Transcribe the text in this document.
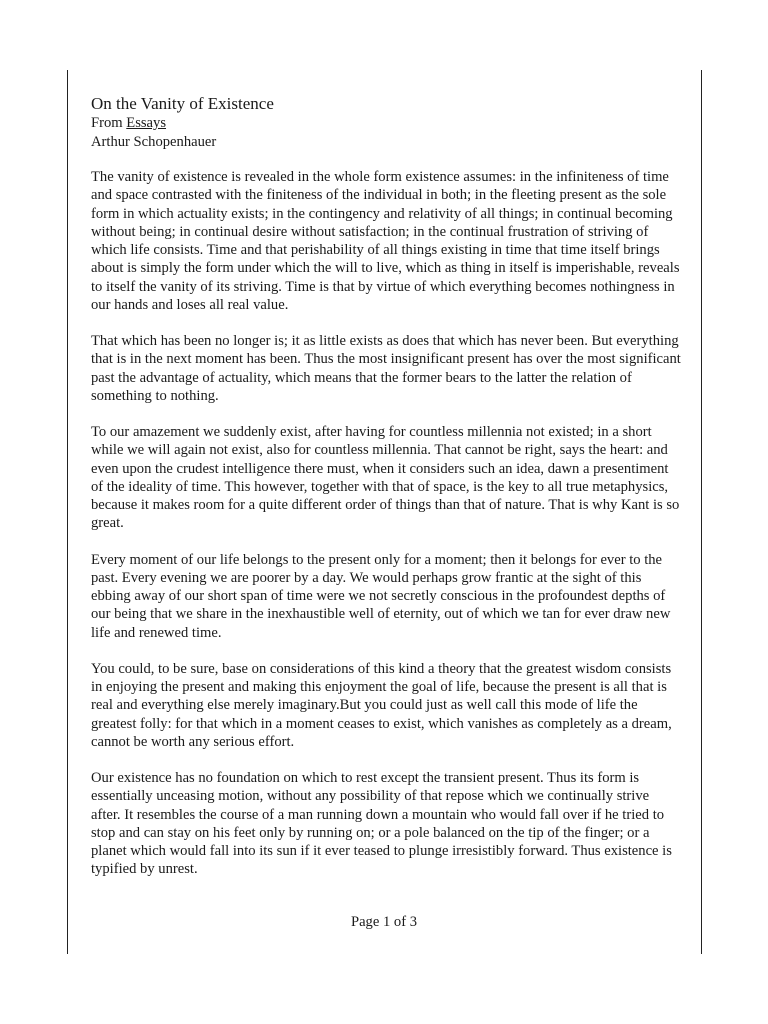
On the Vanity of Existence

From Essays

Arthur Schopenhauer

The vanity of existence is revealed in the whole form existence assumes: in the infiniteness of time and space contrasted with the finiteness of the individual in both; in the fleeting present as the sole form in which actuality exists; in the contingency and relativity of all things; in continual becoming without being; in continual desire without satisfaction; in the continual frustration of striving of which life consists. Time and that perishability of all things existing in time that time itself brings about is simply the form under which the will to live, which as thing in itself is imperishable, reveals to itself the vanity of its striving. Time is that by virtue of which everything becomes nothingness in our hands and loses all real value.

That which has been no longer is; it as little exists as does that which has never been. But everything that is in the next moment has been. Thus the most insignificant present has over the most significant past the advantage of actuality, which means that the former bears to the latter the relation of something to nothing.

To our amazement we suddenly exist, after having for countless millennia not existed; in a short while we will again not exist, also for countless millennia. That cannot be right, says the heart: and even upon the crudest intelligence there must, when it considers such an idea, dawn a presentiment of the ideality of time. This however, together with that of space, is the key to all true metaphysics, because it makes room for a quite different order of things than that of nature. That is why Kant is so great.

Every moment of our life belongs to the present only for a moment; then it belongs for ever to the past. Every evening we are poorer by a day. We would perhaps grow frantic at the sight of this ebbing away of our short span of time were we not secretly conscious in the profoundest depths of our being that we share in the inexhaustible well of eternity, out of which we tan for ever draw new life and renewed time.

You could, to be sure, base on considerations of this kind a theory that the greatest wisdom consists in enjoying the present and making this enjoyment the goal of life, because the present is all that is real and everything else merely imaginary.But you could just as well call this mode of life the greatest folly: for that which in a moment ceases to exist, which vanishes as completely as a dream, cannot be worth any serious effort.

Our existence has no foundation on which to rest except the transient present. Thus its form is essentially unceasing motion, without any possibility of that repose which we continually strive after. It resembles the course of a man running down a mountain who would fall over if he tried to stop and can stay on his feet only by running on; or a pole balanced on the tip of the finger; or a planet which would fall into its sun if it ever teased to plunge irresistibly forward. Thus existence is typified by unrest.

Page 1 of 3
